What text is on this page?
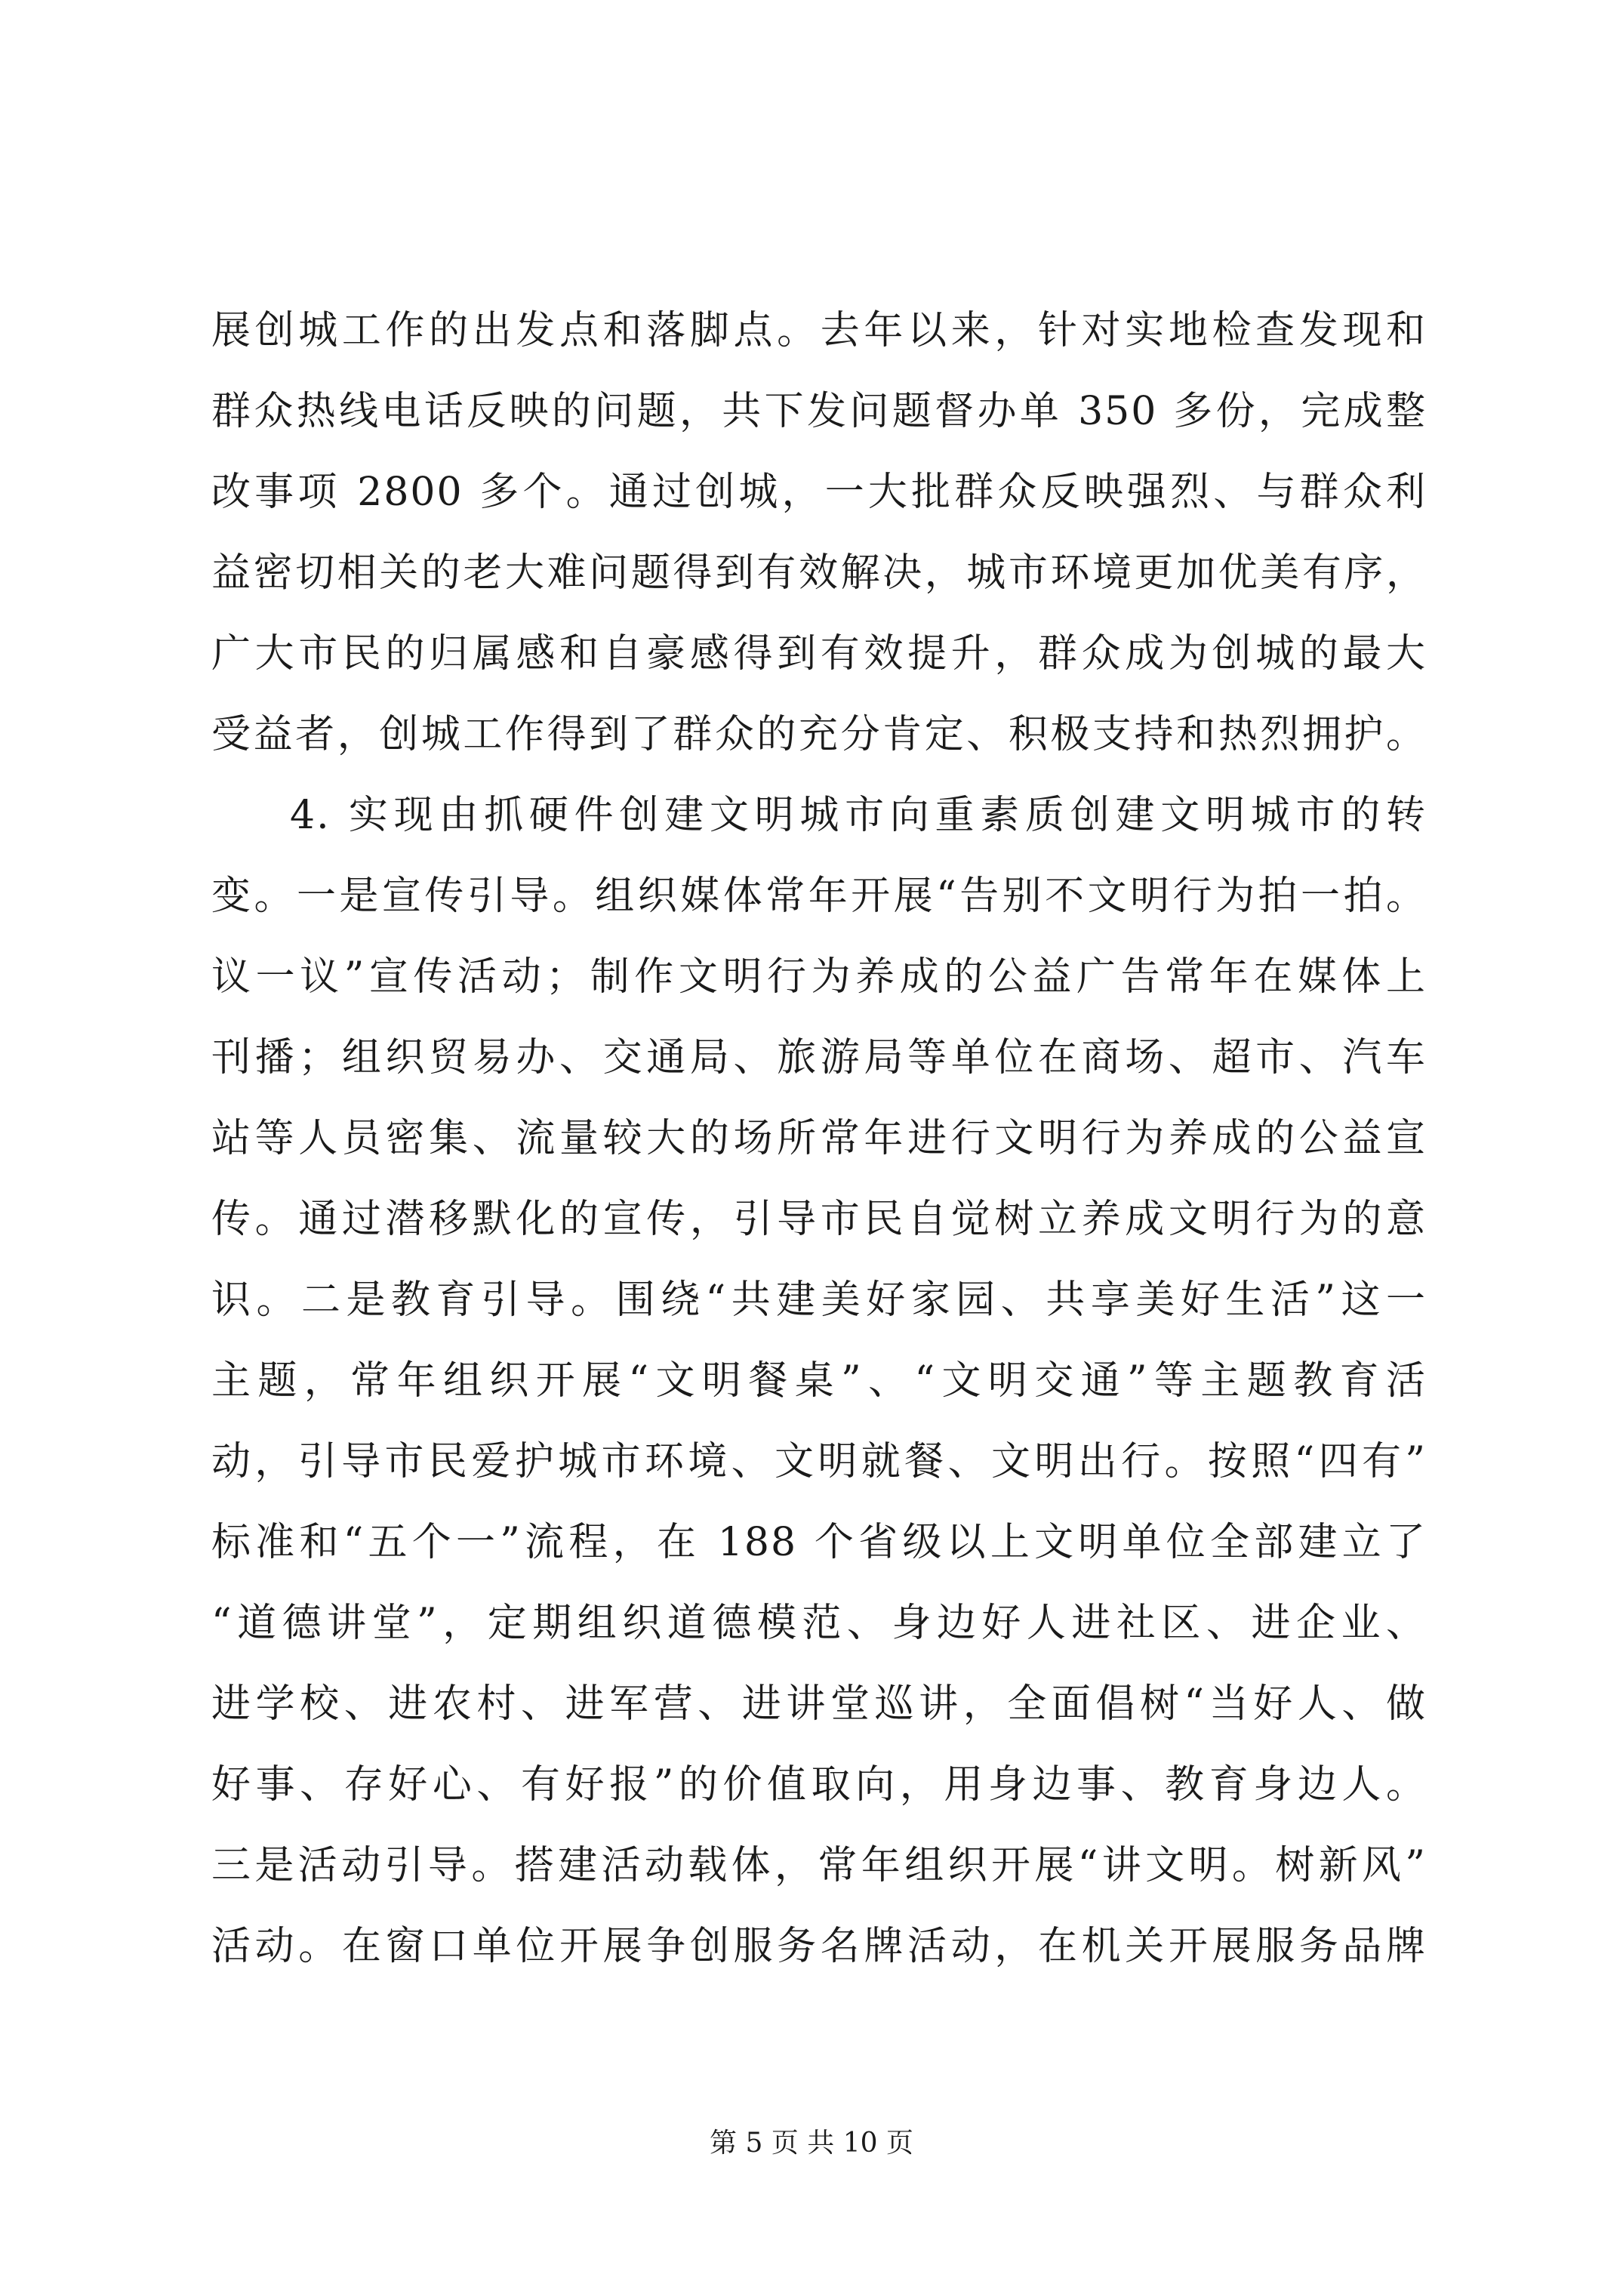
展创城工作的出发点和落脚点。去年以来，针对实地检查发现和
群众热线电话反映的问题，共下发问题督办单 350 多份，完成整
改事项 2800 多个。通过创城，一大批群众反映强烈、与群众利
益密切相关的老大难问题得到有效解决，城市环境更加优美有序，
广大市民的归属感和自豪感得到有效提升，群众成为创城的最大
受益者，创城工作得到了群众的充分肯定、积极支持和热烈拥护。
4. 实现由抓硬件创建文明城市向重素质创建文明城市的转
变。一是宣传引导。组织媒体常年开展“告别不文明行为拍一拍。
议一议”宣传活动；制作文明行为养成的公益广告常年在媒体上
刊播；组织贸易办、交通局、旅游局等单位在商场、超市、汽车
站等人员密集、流量较大的场所常年进行文明行为养成的公益宣
传。通过潜移默化的宣传，引导市民自觉树立养成文明行为的意
识。二是教育引导。围绕“共建美好家园、共享美好生活”这一
主题，常年组织开展“文明餐桌”、“文明交通”等主题教育活
动，引导市民爱护城市环境、文明就餐、文明出行。按照“四有”
标准和“五个一”流程，在 188 个省级以上文明单位全部建立了
“道德讲堂”，定期组织道德模范、身边好人进社区、进企业、
进学校、进农村、进军营、进讲堂巡讲，全面倡树“当好人、做
好事、存好心、有好报”的价值取向，用身边事、教育身边人。
三是活动引导。搭建活动载体，常年组织开展“讲文明。树新风”
活动。在窗口单位开展争创服务名牌活动，在机关开展服务品牌
第 5 页 共 10 页
